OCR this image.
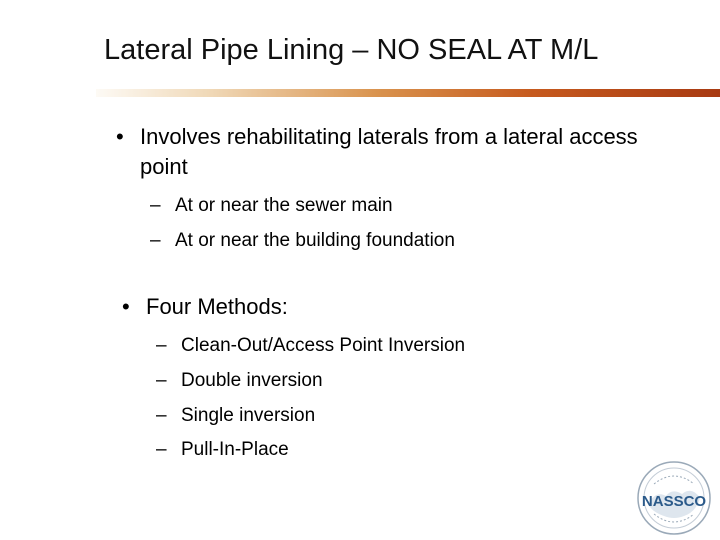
Lateral Pipe Lining – NO SEAL AT M/L
• Involves rehabilitating laterals from a lateral access point
– At or near the sewer main
– At or near the building foundation
• Four Methods:
– Clean-Out/Access Point Inversion
– Double inversion
– Single inversion
– Pull-In-Place
NASSCO
